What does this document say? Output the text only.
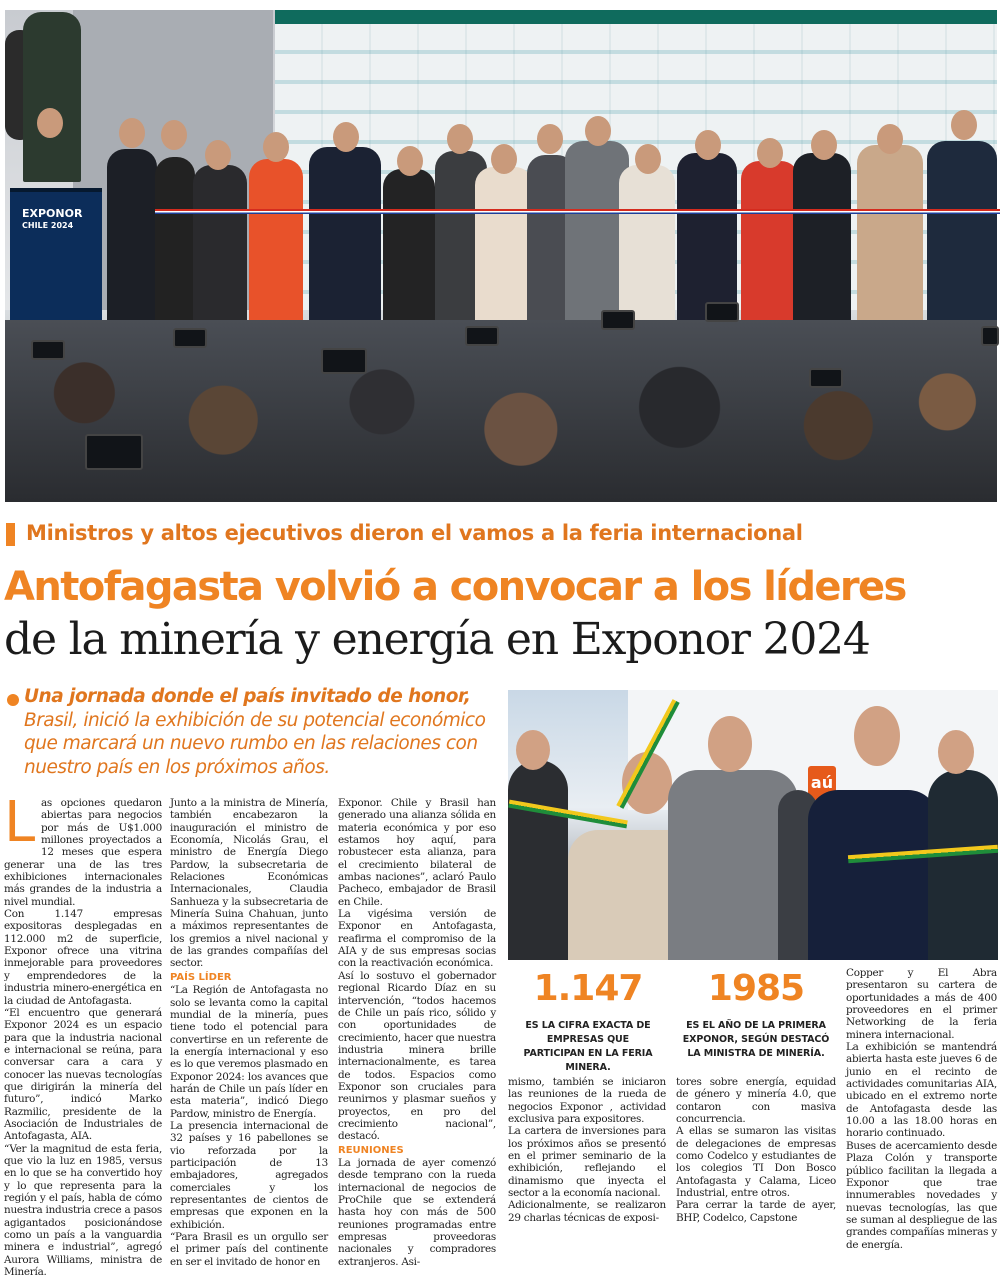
EXPONOR
CHILE 2024
Ministros y altos ejecutivos dieron el vamos a la feria internacional
Antofagasta volvió a convocar a los líderes
de la minería y energía en Exponor 2024
Una jornada donde el país invitado de honor,
Brasil, inició la exhibición de su potencial económico que marcará un nuevo rumbo en las relaciones con nuestro país en los próximos años.
aú
1.147
ES LA CIFRA EXACTA DE EMPRESAS QUE PARTICIPAN EN LA FERIA MINERA.
1985
ES EL AÑO DE LA PRIMERA EXPONOR, SEGÚN DESTACÓ LA MINISTRA DE MINERÍA.
L as opciones quedaron abiertas para negocios por más de U$1.000 millones proyectados a 12 meses que espera generar una de las tres exhibiciones internacionales más grandes de la industria a nivel mundial.

Con 1.147 empresas expositoras desplegadas en 112.000 m2 de superficie, Exponor ofrece una vitrina inmejorable para proveedores y emprendedores de la industria minero-energética en la ciudad de Antofagasta.

“El encuentro que generará Exponor 2024 es un espacio para que la industria nacional e internacional se reúna, para conversar cara a cara y conocer las nuevas tecnologías que dirigirán la minería del futuro”, indicó Marko Razmilic, presidente de la Asociación de Industriales de Antofagasta, AIA.

“Ver la magnitud de esta feria, que vio la luz en 1985, versus en lo que se ha convertido hoy y lo que representa para la región y el país, habla de cómo nuestra industria crece a pasos agigantados posicionándose como un país a la vanguardia minera e industrial”, agregó Aurora Williams, ministra de Minería.

Junto a la ministra de Minería, también encabezaron la inauguración el ministro de Economía, Nicolás Grau, el ministro de Energía Diego Pardow, la subsecretaria de Relaciones Económicas Internacionales, Claudia Sanhueza y la subsecretaria de Minería Suina Chahuan, junto a máximos representantes de los gremios a nivel nacional y de las grandes compañías del sector.

PAÍS LÍDER

“La Región de Antofagasta no solo se levanta como la capital mundial de la minería, pues tiene todo el potencial para convertirse en un referente de la energía internacional y eso es lo que veremos plasmado en Exponor 2024: los avances que harán de Chile un país líder en esta materia”, indicó Diego Pardow, ministro de Energía.

La presencia internacional de 32 países y 16 pabellones se vio reforzada por la participación de 13 embajadores, agregados comerciales y los representantes de cientos de empresas que exponen en la exhibición.

“Para Brasil es un orgullo ser el primer país del continente en ser el invitado de honor en

Exponor. Chile y Brasil han generado una alianza sólida en materia económica y por eso estamos hoy aquí, para robustecer esta alianza, para el crecimiento bilateral de ambas naciones”, aclaró Paulo Pacheco, embajador de Brasil en Chile.

La vigésima versión de Exponor en Antofagasta, reafirma el compromiso de la AIA y de sus empresas socias con la reactivación económica.

Así lo sostuvo el gobernador regional Ricardo Díaz en su intervención, “todos hacemos de Chile un país rico, sólido y con oportunidades de crecimiento, hacer que nuestra industria minera brille internacionalmente, es tarea de todos. Espacios como Exponor son cruciales para reunirnos y plasmar sueños y proyectos, en pro del crecimiento nacional”, destacó.

REUNIONES

La jornada de ayer comenzó desde temprano con la rueda internacional de negocios de ProChile que se extenderá hasta hoy con más de 500 reuniones programadas entre empresas proveedoras nacionales y compradores extranjeros. Asi-

mismo, también se iniciaron las reuniones de la rueda de negocios Exponor , actividad exclusiva para expositores.

La cartera de inversiones para los próximos años se presentó en el primer seminario de la exhibición, reflejando el dinamismo que inyecta el sector a la economía nacional.

Adicionalmente, se realizaron 29 charlas técnicas de exposi-

tores sobre energía, equidad de género y minería 4.0, que contaron con masiva concurrencia.

A ellas se sumaron las visitas de delegaciones de empresas como Codelco y estudiantes de los colegios TI Don Bosco Antofagasta y Calama, Liceo Industrial, entre otros.

Para cerrar la tarde de ayer, BHP, Codelco, Capstone

Copper y El Abra presentaron su cartera de oportunidades a más de 400 proveedores en el primer Networking de la feria minera internacional.

La exhibición se mantendrá abierta hasta este jueves 6 de junio en el recinto de actividades comunitarias AIA, ubicado en el extremo norte de Antofagasta desde las 10.00 a las 18.00 horas en horario continuado.

Buses de acercamiento desde Plaza Colón y transporte público facilitan la llegada a Exponor que trae innumerables novedades y nuevas tecnologías, las que se suman al despliegue de las grandes compañías mineras y de energía.
